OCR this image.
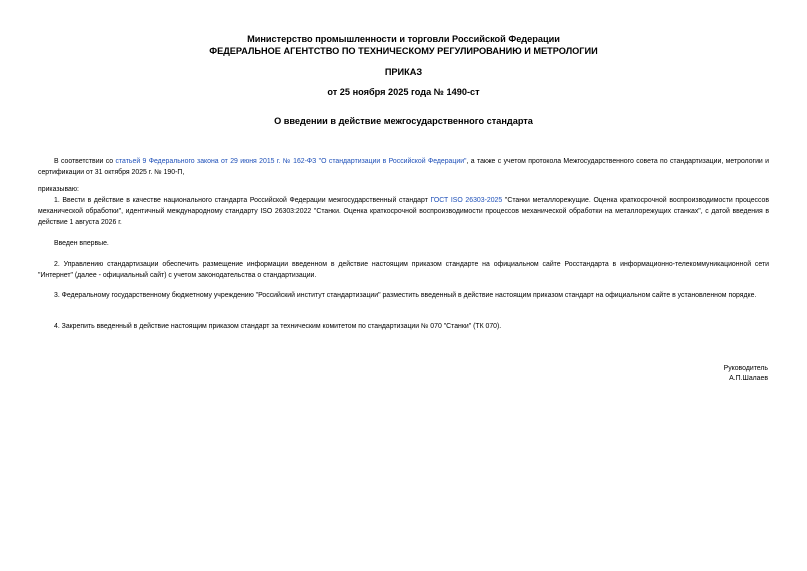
Министерство промышленности и торговли Российской Федерации
ФЕДЕРАЛЬНОЕ АГЕНТСТВО ПО ТЕХНИЧЕСКОМУ РЕГУЛИРОВАНИЮ И МЕТРОЛОГИИ
ПРИКАЗ
от 25 ноября 2025 года № 1490-ст
О введении в действие межгосударственного стандарта
В соответствии со статьей 9 Федерального закона от 29 июня 2015 г. № 162-ФЗ "О стандартизации в Российской Федерации", а также с учетом протокола Межгосударственного совета по стандартизации, метрологии и сертификации от 31 октября 2025 г. № 190-П,
приказываю:
1. Ввести в действие в качестве национального стандарта Российской Федерации межгосударственный стандарт ГОСТ ISO 26303-2025 "Станки металлорежущие. Оценка краткосрочной воспроизводимости процессов механической обработки", идентичный международному стандарту ISO 26303:2022 "Станки. Оценка краткосрочной воспроизводимости процессов механической обработки на металлорежущих станках", с датой введения в действие 1 августа 2026 г.
Введен впервые.
2. Управлению стандартизации обеспечить размещение информации введенном в действие настоящим приказом стандарте на официальном сайте Росстандарта в информационно-телекоммуникационной сети "Интернет" (далее - официальный сайт) с учетом законодательства о стандартизации.
3. Федеральному государственному бюджетному учреждению "Российский институт стандартизации" разместить введенный в действие настоящим приказом стандарт на официальном сайте в установленном порядке.
4. Закрепить введенный в действие настоящим приказом стандарт за техническим комитетом по стандартизации № 070 "Станки" (ТК 070).
Руководитель
А.П.Шалаев
